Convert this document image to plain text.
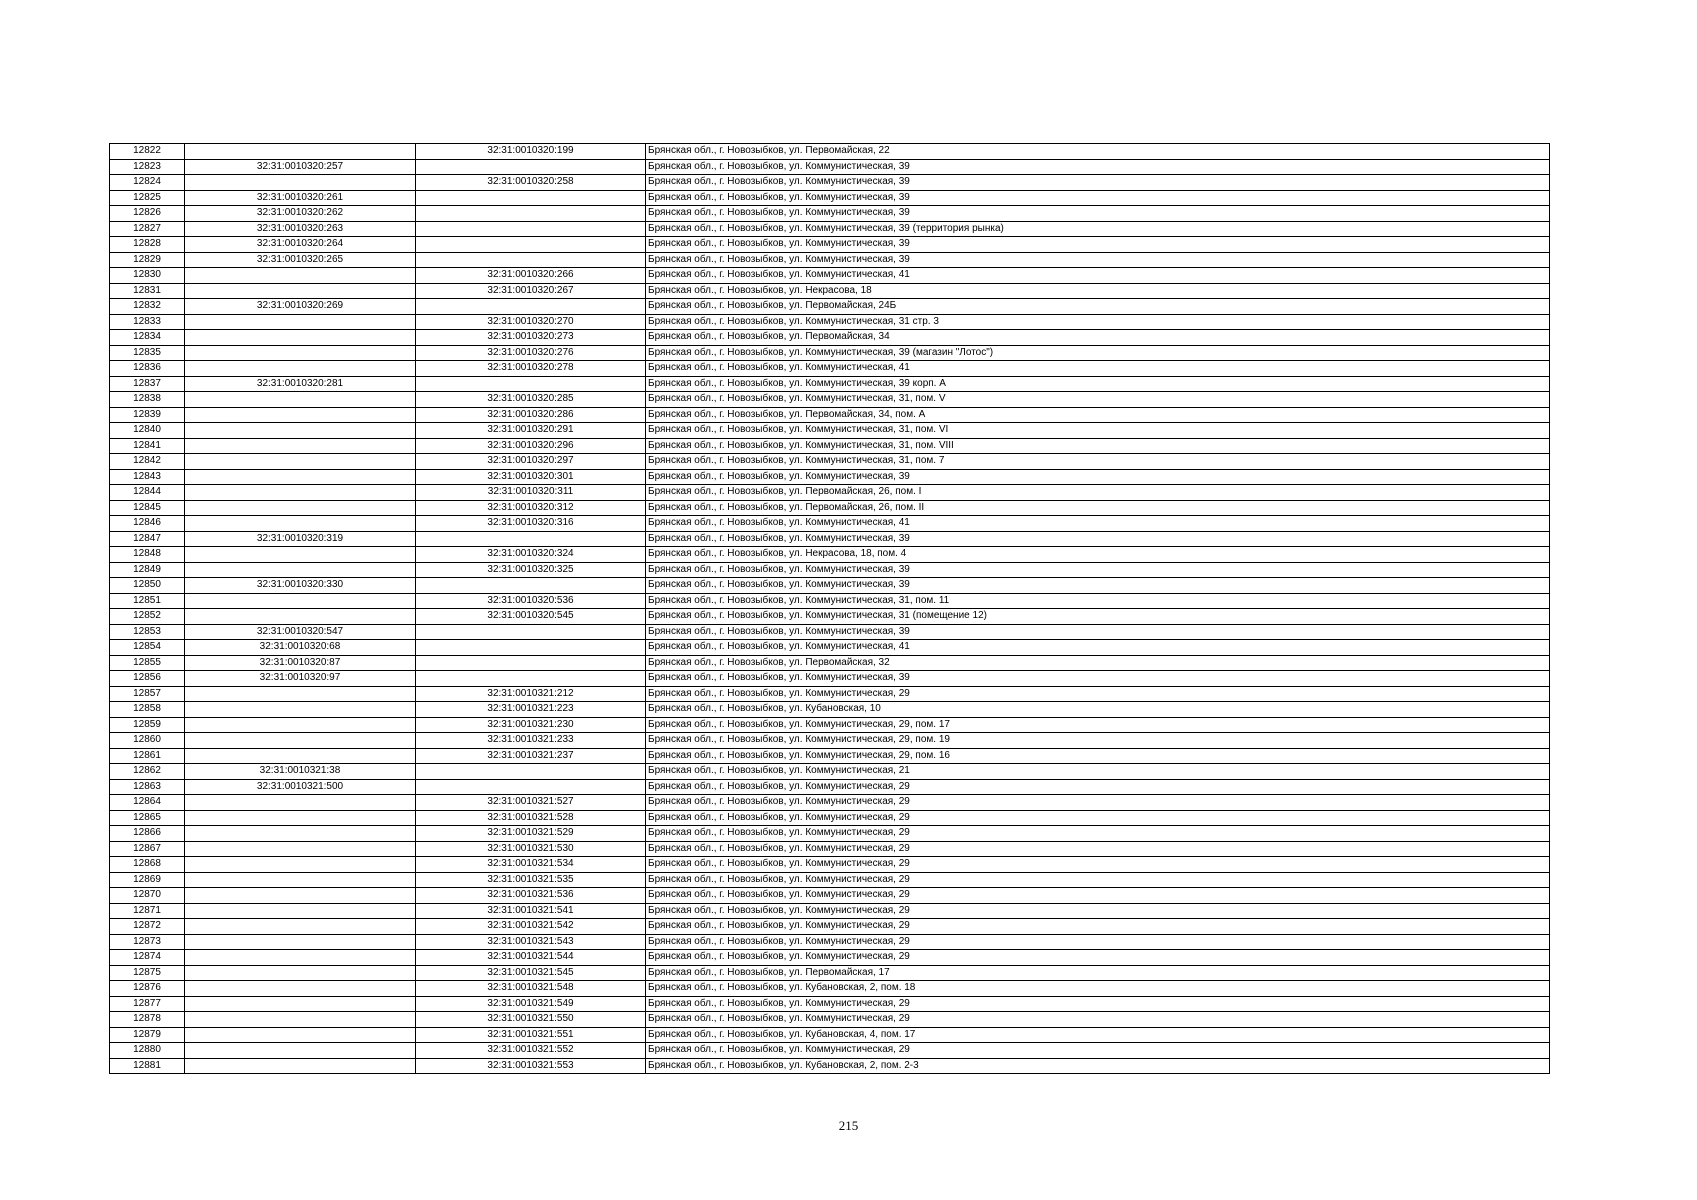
12822		32:31:0010320:199	Брянская обл., г. Новозыбков, ул. Первомайская, 22
12823	32:31:0010320:257		Брянская обл., г. Новозыбков, ул. Коммунистическая, 39
12824		32:31:0010320:258	Брянская обл., г. Новозыбков, ул. Коммунистическая, 39
12825	32:31:0010320:261		Брянская обл., г. Новозыбков, ул. Коммунистическая, 39
12826	32:31:0010320:262		Брянская обл., г. Новозыбков, ул. Коммунистическая, 39
12827	32:31:0010320:263		Брянская обл., г. Новозыбков, ул. Коммунистическая, 39 (территория рынка)
12828	32:31:0010320:264		Брянская обл., г. Новозыбков, ул. Коммунистическая, 39
12829	32:31:0010320:265		Брянская обл., г. Новозыбков, ул. Коммунистическая, 39
12830		32:31:0010320:266	Брянская обл., г. Новозыбков, ул. Коммунистическая, 41
12831		32:31:0010320:267	Брянская обл., г. Новозыбков, ул. Некрасова, 18
12832	32:31:0010320:269		Брянская обл., г. Новозыбков, ул. Первомайская, 24Б
12833		32:31:0010320:270	Брянская обл., г. Новозыбков, ул. Коммунистическая, 31 стр. 3
12834		32:31:0010320:273	Брянская обл., г. Новозыбков, ул. Первомайская, 34
12835		32:31:0010320:276	Брянская обл., г. Новозыбков, ул. Коммунистическая, 39 (магазин "Лотос")
12836		32:31:0010320:278	Брянская обл., г. Новозыбков, ул. Коммунистическая, 41
12837	32:31:0010320:281		Брянская обл., г. Новозыбков, ул. Коммунистическая, 39 корп. А
12838		32:31:0010320:285	Брянская обл., г. Новозыбков, ул. Коммунистическая, 31, пом. V
12839		32:31:0010320:286	Брянская обл., г. Новозыбков, ул. Первомайская, 34, пом. А
12840		32:31:0010320:291	Брянская обл., г. Новозыбков, ул. Коммунистическая, 31, пом. VI
12841		32:31:0010320:296	Брянская обл., г. Новозыбков, ул. Коммунистическая, 31, пом. VIII
12842		32:31:0010320:297	Брянская обл., г. Новозыбков, ул. Коммунистическая, 31, пом. 7
12843		32:31:0010320:301	Брянская обл., г. Новозыбков, ул. Коммунистическая, 39
12844		32:31:0010320:311	Брянская обл., г. Новозыбков, ул. Первомайская, 26, пом. I
12845		32:31:0010320:312	Брянская обл., г. Новозыбков, ул. Первомайская, 26, пом. II
12846		32:31:0010320:316	Брянская обл., г. Новозыбков, ул. Коммунистическая, 41
12847	32:31:0010320:319		Брянская обл., г. Новозыбков, ул. Коммунистическая, 39
12848		32:31:0010320:324	Брянская обл., г. Новозыбков, ул. Некрасова, 18, пом. 4
12849		32:31:0010320:325	Брянская обл., г. Новозыбков, ул. Коммунистическая, 39
12850	32:31:0010320:330		Брянская обл., г. Новозыбков, ул. Коммунистическая, 39
12851		32:31:0010320:536	Брянская обл., г. Новозыбков, ул. Коммунистическая, 31, пом. 11
12852		32:31:0010320:545	Брянская обл., г. Новозыбков, ул. Коммунистическая, 31 (помещение 12)
12853	32:31:0010320:547		Брянская обл., г. Новозыбков, ул. Коммунистическая, 39
12854	32:31:0010320:68		Брянская обл., г. Новозыбков, ул. Коммунистическая, 41
12855	32:31:0010320:87		Брянская обл., г. Новозыбков, ул. Первомайская, 32
12856	32:31:0010320:97		Брянская обл., г. Новозыбков, ул. Коммунистическая, 39
12857		32:31:0010321:212	Брянская обл., г. Новозыбков, ул. Коммунистическая, 29
12858		32:31:0010321:223	Брянская обл., г. Новозыбков, ул. Кубановская, 10
12859		32:31:0010321:230	Брянская обл., г. Новозыбков, ул. Коммунистическая, 29, пом. 17
12860		32:31:0010321:233	Брянская обл., г. Новозыбков, ул. Коммунистическая, 29, пом. 19
12861		32:31:0010321:237	Брянская обл., г. Новозыбков, ул. Коммунистическая, 29, пом. 16
12862	32:31:0010321:38		Брянская обл., г. Новозыбков, ул. Коммунистическая, 21
12863	32:31:0010321:500		Брянская обл., г. Новозыбков, ул. Коммунистическая, 29
12864		32:31:0010321:527	Брянская обл., г. Новозыбков, ул. Коммунистическая, 29
12865		32:31:0010321:528	Брянская обл., г. Новозыбков, ул. Коммунистическая, 29
12866		32:31:0010321:529	Брянская обл., г. Новозыбков, ул. Коммунистическая, 29
12867		32:31:0010321:530	Брянская обл., г. Новозыбков, ул. Коммунистическая, 29
12868		32:31:0010321:534	Брянская обл., г. Новозыбков, ул. Коммунистическая, 29
12869		32:31:0010321:535	Брянская обл., г. Новозыбков, ул. Коммунистическая, 29
12870		32:31:0010321:536	Брянская обл., г. Новозыбков, ул. Коммунистическая, 29
12871		32:31:0010321:541	Брянская обл., г. Новозыбков, ул. Коммунистическая, 29
12872		32:31:0010321:542	Брянская обл., г. Новозыбков, ул. Коммунистическая, 29
12873		32:31:0010321:543	Брянская обл., г. Новозыбков, ул. Коммунистическая, 29
12874		32:31:0010321:544	Брянская обл., г. Новозыбков, ул. Коммунистическая, 29
12875		32:31:0010321:545	Брянская обл., г. Новозыбков, ул. Первомайская, 17
12876		32:31:0010321:548	Брянская обл., г. Новозыбков, ул. Кубановская, 2, пом. 18
12877		32:31:0010321:549	Брянская обл., г. Новозыбков, ул. Коммунистическая, 29
12878		32:31:0010321:550	Брянская обл., г. Новозыбков, ул. Коммунистическая, 29
12879		32:31:0010321:551	Брянская обл., г. Новозыбков, ул. Кубановская, 4, пом. 17
12880		32:31:0010321:552	Брянская обл., г. Новозыбков, ул. Коммунистическая, 29
12881		32:31:0010321:553	Брянская обл., г. Новозыбков, ул. Кубановская, 2, пом. 2-3
215
